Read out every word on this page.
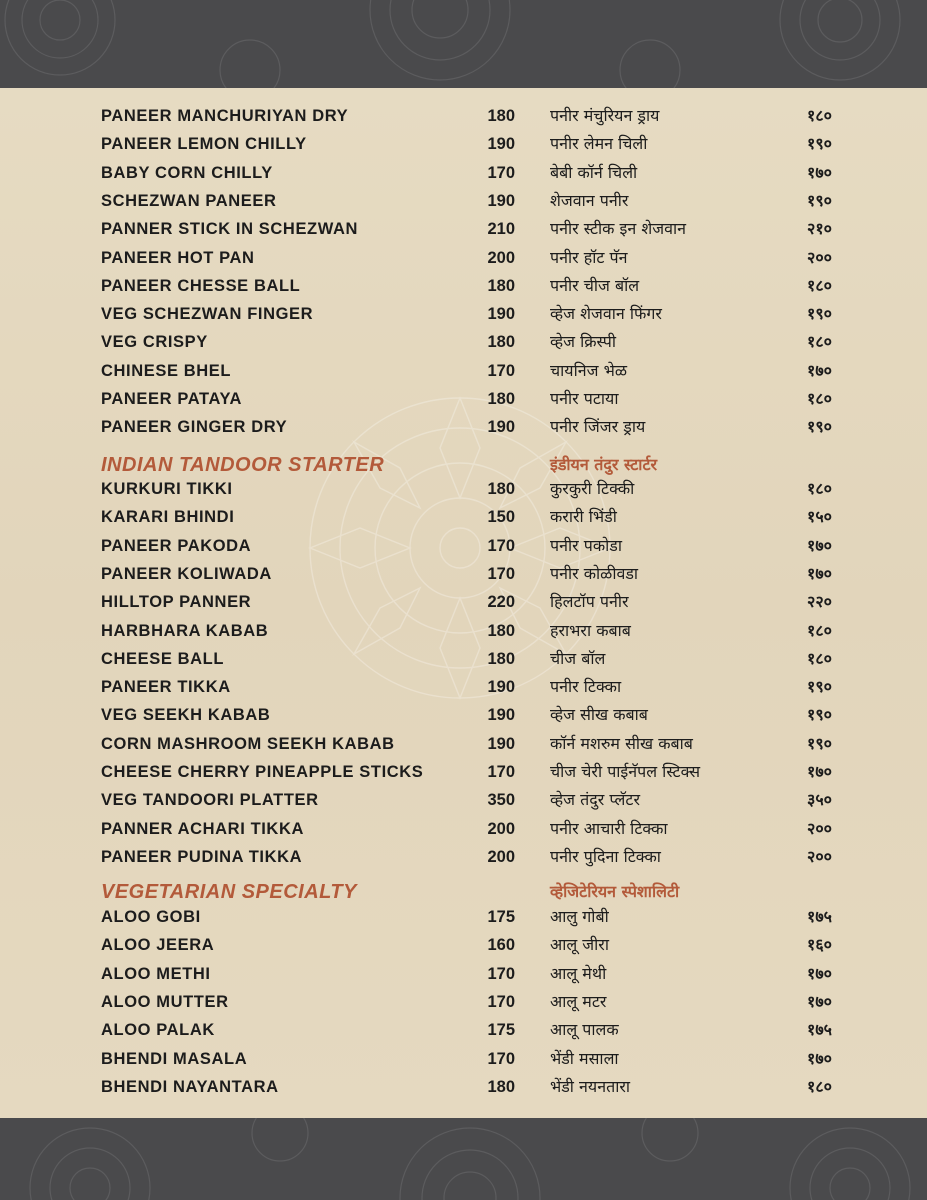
PANEER MANCHURIYAN DRY	180 पनीर मंचुरियन ड्राय	१८०
PANEER LEMON CHILLY	190 पनीर लेमन चिली	१९०
BABY CORN CHILLY	170 बेबी कॉर्न चिली	१७०
SCHEZWAN PANEER	190 शेजवान पनीर	१९०
PANNER STICK IN SCHEZWAN	210 पनीर स्टीक इन शेजवान	२१०
PANEER HOT PAN	200 पनीर हॉट पॅन	२००
PANEER CHESSE BALL	180 पनीर चीज बॉल	१८०
VEG SCHEZWAN FINGER	190 व्हेज शेजवान फिंगर	१९०
VEG CRISPY	180 व्हेज क्रिस्पी	१८०
CHINESE BHEL	170 चायनिज भेळ	१७०
PANEER PATAYA	180 पनीर पटाया	१८०
PANEER GINGER DRY	190 पनीर जिंजर ड्राय	१९०
INDIAN TANDOOR STARTER	इंडीयन तंदुर स्टार्टर
KURKURI TIKKI	180 कुरकुरी टिक्की	१८०
KARARI BHINDI	150 करारी भिंडी	१५०
PANEER PAKODA	170 पनीर पकोडा	१७०
PANEER KOLIWADA	170 पनीर कोळीवडा	१७०
HILLTOP PANNER	220 हिलटॉप पनीर	२२०
HARBHARA KABAB	180 हराभरा कबाब	१८०
CHEESE BALL	180 चीज बॉल	१८०
PANEER TIKKA	190 पनीर टिक्का	१९०
VEG SEEKH KABAB	190 व्हेज सीख कबाब	१९०
CORN MASHROOM SEEKH KABAB	190 कॉर्न मशरुम सीख कबाब	१९०
CHEESE CHERRY PINEAPPLE STICKS	170 चीज चेरी पाईनॅपल स्टिक्स	१७०
VEG TANDOORI PLATTER	350 व्हेज तंदुर प्लॅटर	३५०
PANNER ACHARI TIKKA	200 पनीर आचारी टिक्का	२००
PANEER PUDINA TIKKA	200 पनीर पुदिना टिक्का	२००
VEGETARIAN SPECIALTY	व्हेजिटेरियन स्पेशालिटी
ALOO GOBI	175 आलु गोबी	१७५
ALOO JEERA	160 आलू जीरा	१६०
ALOO METHI	170 आलू मेथी	१७०
ALOO MUTTER	170 आलू मटर	१७०
ALOO PALAK	175 आलू पालक	१७५
BHENDI MASALA	170 भेंडी मसाला	१७०
BHENDI NAYANTARA	180 भेंडी नयनतारा	१८०
